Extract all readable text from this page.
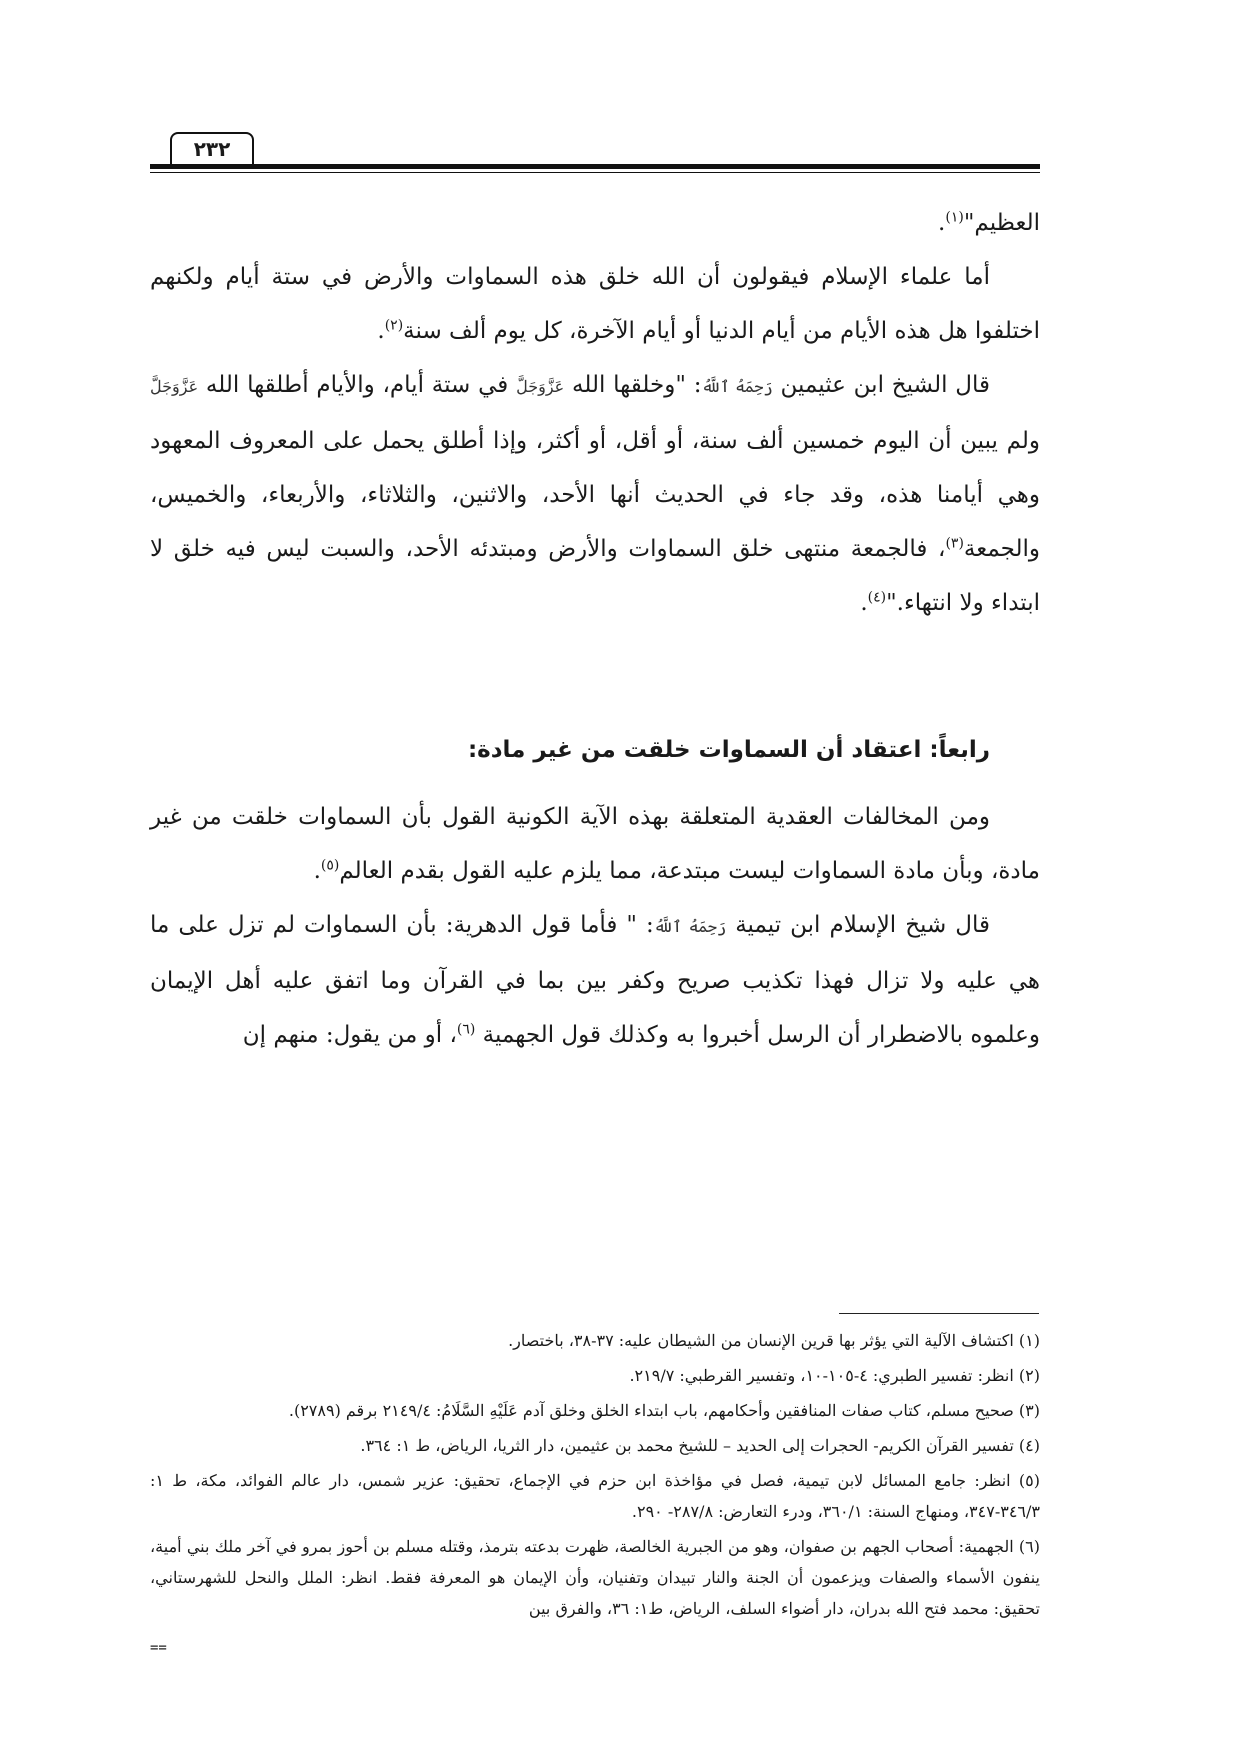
٢٣٢

العظيم"$^{(١)}$.

أما علماء الإسلام فيقولون أن الله خلق هذه السماوات والأرض في ستة أيام ولكنهم اختلفوا هل هذه الأيام من أيام الدنيا أو أيام الآخرة، كل يوم ألف سنة$^{(٢)}$.

قال الشيخ ابن عثيمين رَحِمَهُ ٱللَّهُ: "وخلقها الله عَزَّوَجَلَّ في ستة أيام، والأيام أطلقها الله عَزَّوَجَلَّ ولم يبين أن اليوم خمسين ألف سنة، أو أقل، أو أكثر، وإذا أطلق يحمل على المعروف المعهود وهي أيامنا هذه، وقد جاء في الحديث أنها الأحد، والاثنين، والثلاثاء، والأربعاء، والخميس، والجمعة$^{(٣)}$، فالجمعة منتهى خلق السماوات والأرض ومبتدئه الأحد، والسبت ليس فيه خلق لا ابتداء ولا انتهاء."$^{(٤)}$.

رابعاً: اعتقاد أن السماوات خلقت من غير مادة:

ومن المخالفات العقدية المتعلقة بهذه الآية الكونية القول بأن السماوات خلقت من غير مادة، وبأن مادة السماوات ليست مبتدعة، مما يلزم عليه القول بقدم العالم$^{(٥)}$.

قال شيخ الإسلام ابن تيمية رَحِمَهُ ٱللَّهُ: " فأما قول الدهرية: بأن السماوات لم تزل على ما هي عليه ولا تزال فهذا تكذيب صريح وكفر بين بما في القرآن وما اتفق عليه أهل الإيمان وعلموه بالاضطرار أن الرسل أخبروا به وكذلك قول الجهمية $^{(٦)}$، أو من يقول: منهم إن

(١) اكتشاف الآلية التي يؤثر بها قرين الإنسان من الشيطان عليه: ٣٧-٣٨، باختصار.

(٢) انظر: تفسير الطبري: ٤-١٠٥-١٠، وتفسير القرطبي: ٢١٩/٧.

(٣) صحيح مسلم، كتاب صفات المنافقين وأحكامهم، باب ابتداء الخلق وخلق آدم عَلَيْهِ السَّلَامُ: ٢١٤٩/٤ برقم (٢٧٨٩).

(٤) تفسير القرآن الكريم- الحجرات إلى الحديد – للشيخ محمد بن عثيمين، دار الثريا، الرياض، ط ١: ٣٦٤.

(٥) انظر: جامع المسائل لابن تيمية، فصل في مؤاخذة ابن حزم في الإجماع، تحقيق: عزير شمس، دار عالم الفوائد، مكة، ط ١: ٣٤٦/٣-٣٤٧، ومنهاج السنة: ٣٦٠/١، ودرء التعارض: ٢٨٧/٨- ٢٩٠.

(٦) الجهمية: أصحاب الجهم بن صفوان، وهو من الجبرية الخالصة، ظهرت بدعته بترمذ، وقتله مسلم بن أحوز بمرو في آخر ملك بني أمية، ينفون الأسماء والصفات ويزعمون أن الجنة والنار تبيدان وتفنيان، وأن الإيمان هو المعرفة فقط. انظر: الملل والنحل للشهرستاني، تحقيق: محمد فتح الله بدران، دار أضواء السلف، الرياض، ط١: ٣٦، والفرق بين

==
